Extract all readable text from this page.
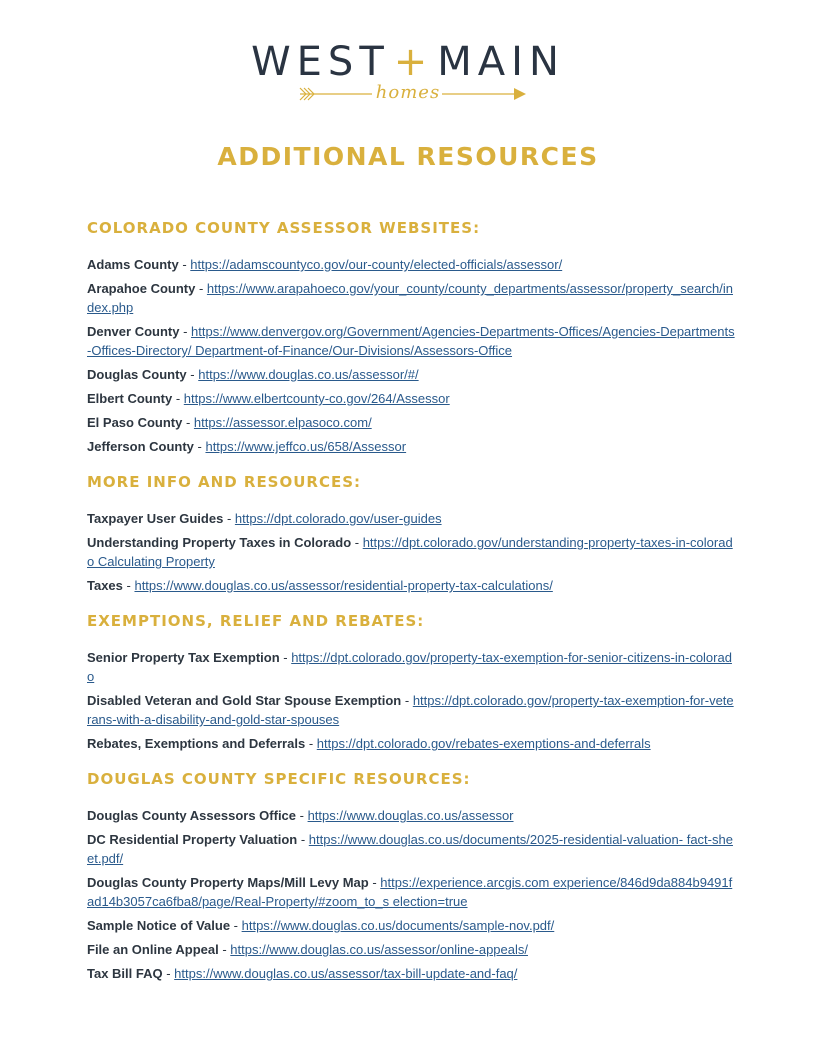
WEST + MAIN
homes
ADDITIONAL RESOURCES
COLORADO COUNTY ASSESSOR WEBSITES:
Adams County - https://adamscountyco.gov/our-county/elected-officials/assessor/
Arapahoe County - https://www.arapahoeco.gov/your_county/county_departments/assessor/property_search/index.php
Denver County - https://www.denvergov.org/Government/Agencies-Departments-Offices/Agencies-Departments-Offices-Directory/ Department-of-Finance/Our-Divisions/Assessors-Office
Douglas County - https://www.douglas.co.us/assessor/#/
Elbert County - https://www.elbertcounty-co.gov/264/Assessor
El Paso County - https://assessor.elpasoco.com/
Jefferson County - https://www.jeffco.us/658/Assessor
MORE INFO AND RESOURCES:
Taxpayer User Guides - https://dpt.colorado.gov/user-guides
Understanding Property Taxes in Colorado - https://dpt.colorado.gov/understanding-property-taxes-in-colorado Calculating Property
Taxes - https://www.douglas.co.us/assessor/residential-property-tax-calculations/
EXEMPTIONS, RELIEF AND REBATES:
Senior Property Tax Exemption - https://dpt.colorado.gov/property-tax-exemption-for-senior-citizens-in-colorado
Disabled Veteran and Gold Star Spouse Exemption - https://dpt.colorado.gov/property-tax-exemption-for-veterans-with-a-disability-and-gold-star-spouses
Rebates, Exemptions and Deferrals - https://dpt.colorado.gov/rebates-exemptions-and-deferrals
DOUGLAS COUNTY SPECIFIC RESOURCES:
Douglas County Assessors Office - https://www.douglas.co.us/assessor
DC Residential Property Valuation - https://www.douglas.co.us/documents/2025-residential-valuation- fact-sheet.pdf/
Douglas County Property Maps/Mill Levy Map - https://experience.arcgis.com experience/846d9da884b9491fad14b3057ca6fba8/page/Real-Property/#zoom_to_s election=true
Sample Notice of Value - https://www.douglas.co.us/documents/sample-nov.pdf/
File an Online Appeal - https://www.douglas.co.us/assessor/online-appeals/
Tax Bill FAQ - https://www.douglas.co.us/assessor/tax-bill-update-and-faq/
